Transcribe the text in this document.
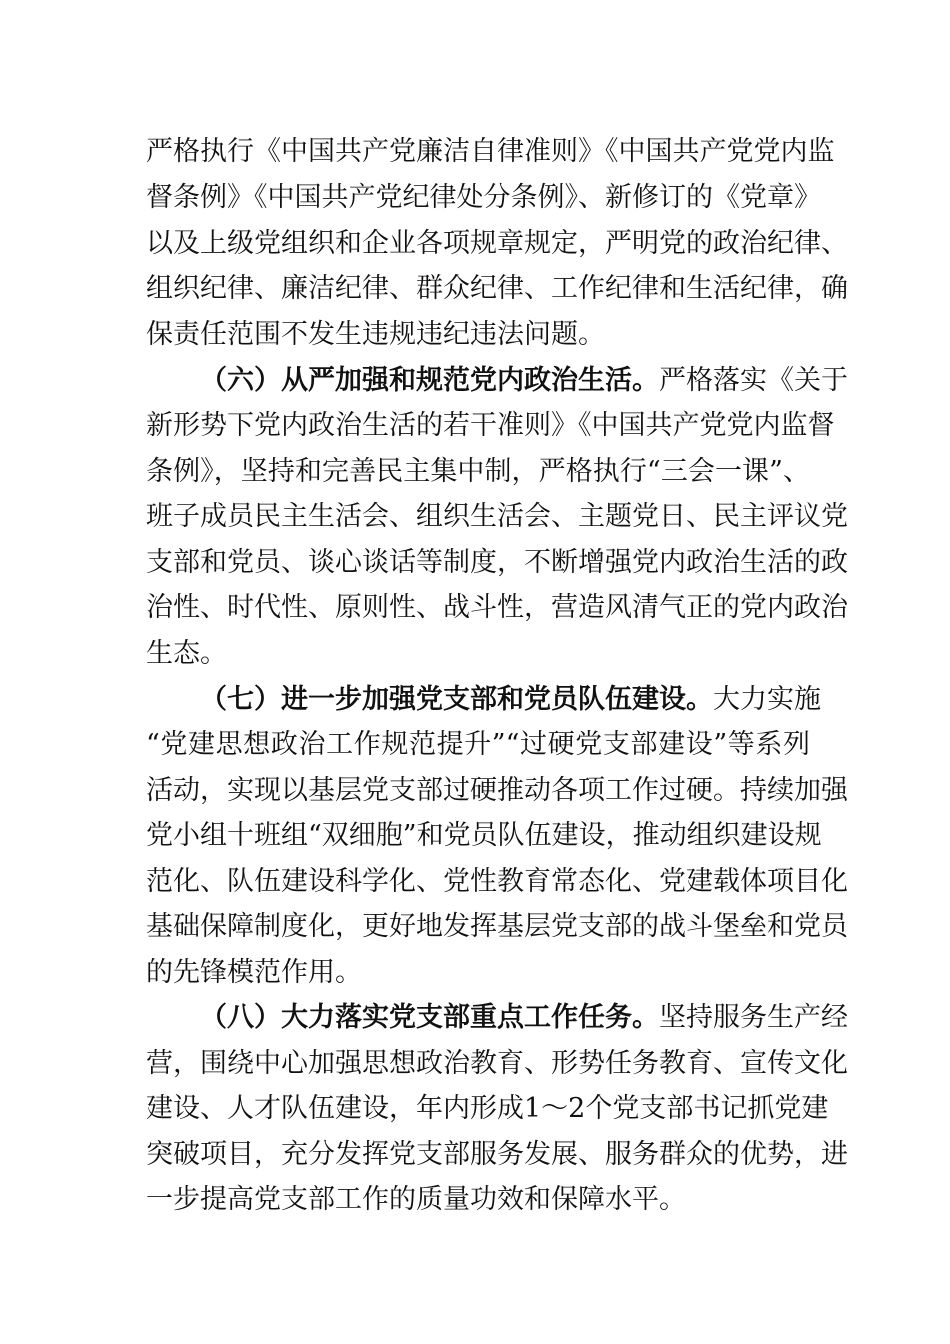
严格执行《中国共产党廉洁自律准则》《中国共产党党内监
督条例》《中国共产党纪律处分条例》、新修订的《党章》
以及上级党组织和企业各项规章规定，严明党的政治纪律、
组织纪律、廉洁纪律、群众纪律、工作纪律和生活纪律，确
保责任范围不发生违规违纪违法问题。
（六）从严加强和规范党内政治生活。严格落实《关于
新形势下党内政治生活的若干准则》《中国共产党党内监督
条例》，坚持和完善民主集中制，严格执行“三会一课”、
班子成员民主生活会、组织生活会、主题党日、民主评议党
支部和党员、谈心谈话等制度，不断增强党内政治生活的政
治性、时代性、原则性、战斗性，营造风清气正的党内政治
生态。
（七）进一步加强党支部和党员队伍建设。大力实施
“党建思想政治工作规范提升”“过硬党支部建设”等系列
活动，实现以基层党支部过硬推动各项工作过硬。持续加强
党小组十班组“双细胞”和党员队伍建设，推动组织建设规
范化、队伍建设科学化、党性教育常态化、党建载体项目化
基础保障制度化，更好地发挥基层党支部的战斗堡垒和党员
的先锋模范作用。
（八）大力落实党支部重点工作任务。坚持服务生产经
营，围绕中心加强思想政治教育、形势任务教育、宣传文化
建设、人才队伍建设，年内形成1～2个党支部书记抓党建
突破项目，充分发挥党支部服务发展、服务群众的优势，进
一步提高党支部工作的质量功效和保障水平。
